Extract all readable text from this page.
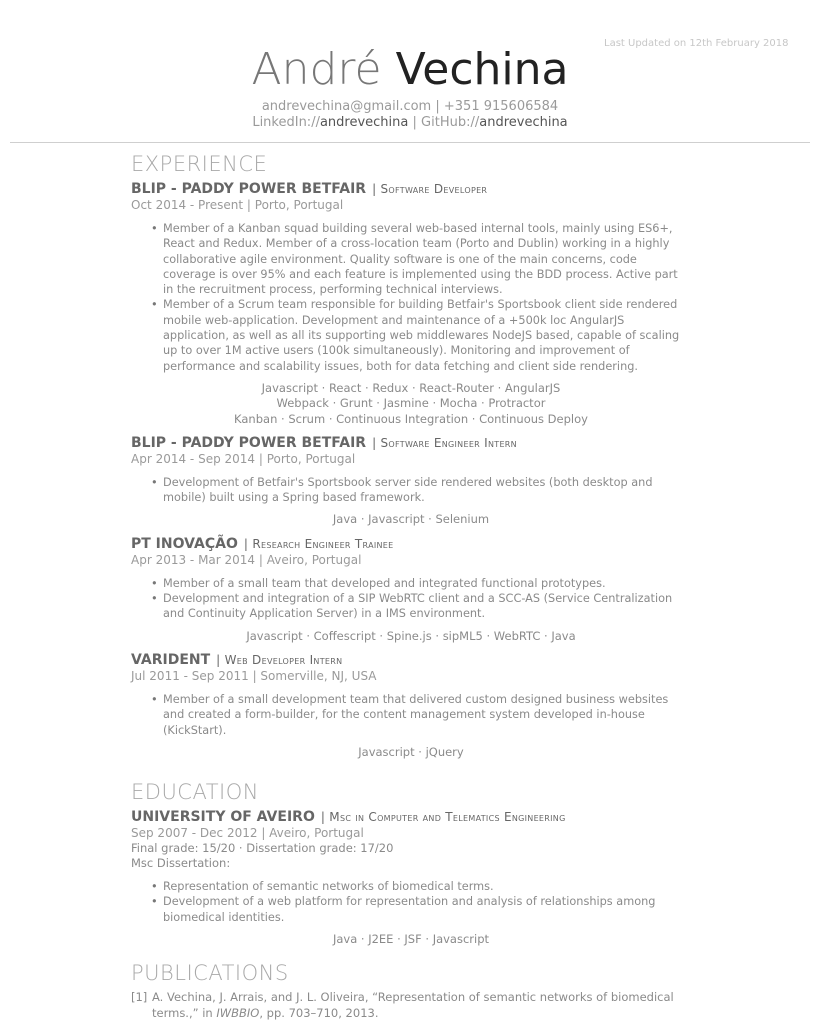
Last Updated on 12th February 2018
André Vechina
andrevechina@gmail.com | +351 915606584
LinkedIn://andrevechina | GitHub://andrevechina
EXPERIENCE
BLIP - PADDY POWER BETFAIR | Software Developer
Oct 2014 - Present | Porto, Portugal
• Member of a Kanban squad building several web-based internal tools, mainly using ES6+, React and Redux. Member of a cross-location team (Porto and Dublin) working in a highly collaborative agile environment. Quality software is one of the main concerns, code coverage is over 95% and each feature is implemented using the BDD process. Active part in the recruitment process, performing technical interviews.
• Member of a Scrum team responsible for building Betfair's Sportsbook client side rendered mobile web-application. Development and maintenance of a +500k loc AngularJS application, as well as all its supporting web middlewares NodeJS based, capable of scaling up to over 1M active users (100k simultaneously). Monitoring and improvement of performance and scalability issues, both for data fetching and client side rendering.
Javascript · React · Redux · React-Router · AngularJS
Webpack · Grunt · Jasmine · Mocha · Protractor
Kanban · Scrum · Continuous Integration · Continuous Deploy
BLIP - PADDY POWER BETFAIR | Software Engineer Intern
Apr 2014 - Sep 2014 | Porto, Portugal
• Development of Betfair's Sportsbook server side rendered websites (both desktop and mobile) built using a Spring based framework.
Java · Javascript · Selenium
PT INOVAÇÃO | Research Engineer Trainee
Apr 2013 - Mar 2014 | Aveiro, Portugal
• Member of a small team that developed and integrated functional prototypes.
• Development and integration of a SIP WebRTC client and a SCC-AS (Service Centralization and Continuity Application Server) in a IMS environment.
Javascript · Coffescript · Spine.js · sipML5 · WebRTC · Java
VARIDENT | Web Developer Intern
Jul 2011 - Sep 2011 | Somerville, NJ, USA
• Member of a small development team that delivered custom designed business websites and created a form-builder, for the content management system developed in-house (KickStart).
Javascript · jQuery
EDUCATION
UNIVERSITY OF AVEIRO | Msc in Computer and Telematics Engineering
Sep 2007 - Dec 2012 | Aveiro, Portugal
Final grade: 15/20 · Dissertation grade: 17/20
Msc Dissertation:
• Representation of semantic networks of biomedical terms.
• Development of a web platform for representation and analysis of relationships among biomedical identities.
Java · J2EE · JSF · Javascript
PUBLICATIONS
[1] A. Vechina, J. Arrais, and J. L. Oliveira, “Representation of semantic networks of biomedical terms.,” in IWBBIO, pp. 703–710, 2013.
